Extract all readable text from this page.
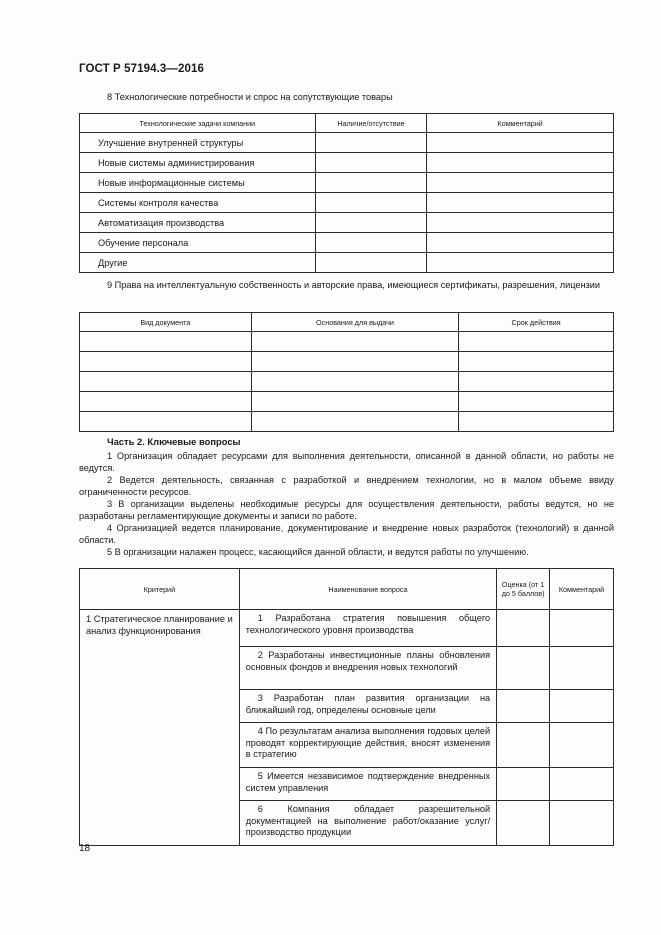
ГОСТ Р 57194.3—2016
8 Технологические потребности и спрос на сопутствующие товары
Технологические задачи компании	Наличие/отсутствие	Комментарий
Улучшение внутренней структуры		
Новые системы администрирования		
Новые информационные системы		
Системы контроля качества		
Автоматизация производства		
Обучение персонала		
Другие		
9 Права на интеллектуальную собственность и авторские права, имеющиеся сертификаты, разрешения, лицензии
Вид документа	Основания для выдачи	Срок действия

Часть 2. Ключевые вопросы
1 Организация обладает ресурсами для выполнения деятельности, описанной в данной области, но работы не ведутся.
2 Ведется деятельность, связанная с разработкой и внедрением технологии, но в малом объеме ввиду ограниченности ресурсов.
3 В организации выделены необходимые ресурсы для осуществления деятельности, работы ведутся, но не разработаны регламентирующие документы и записи по работе.
4 Организацией ведется планирование, документирование и внедрение новых разработок (технологий) в данной области.
5 В организации налажен процесс, касающийся данной области, и ведутся работы по улучшению.
Критерий	Наименование вопроса	Оценка (от 1 до 5 баллов)	Комментарий
1 Стратегическое планирование и анализ функционирования	1 Разработана стратегия повышения общего технологического уровня производства		
	2 Разработаны инвестиционные планы обновления основных фондов и внедрения новых технологий		
	3 Разработан план развития организации на ближайший год, определены основные цели		
	4 По результатам анализа выполнения годовых целей проводят корректирующие действия, вносят изменения в стратегию		
	5 Имеется независимое подтверждение внедренных систем управления		
	6 Компания обладает разрешительной документацией на выполнение работ/оказание услуг/производство продукции		
18
